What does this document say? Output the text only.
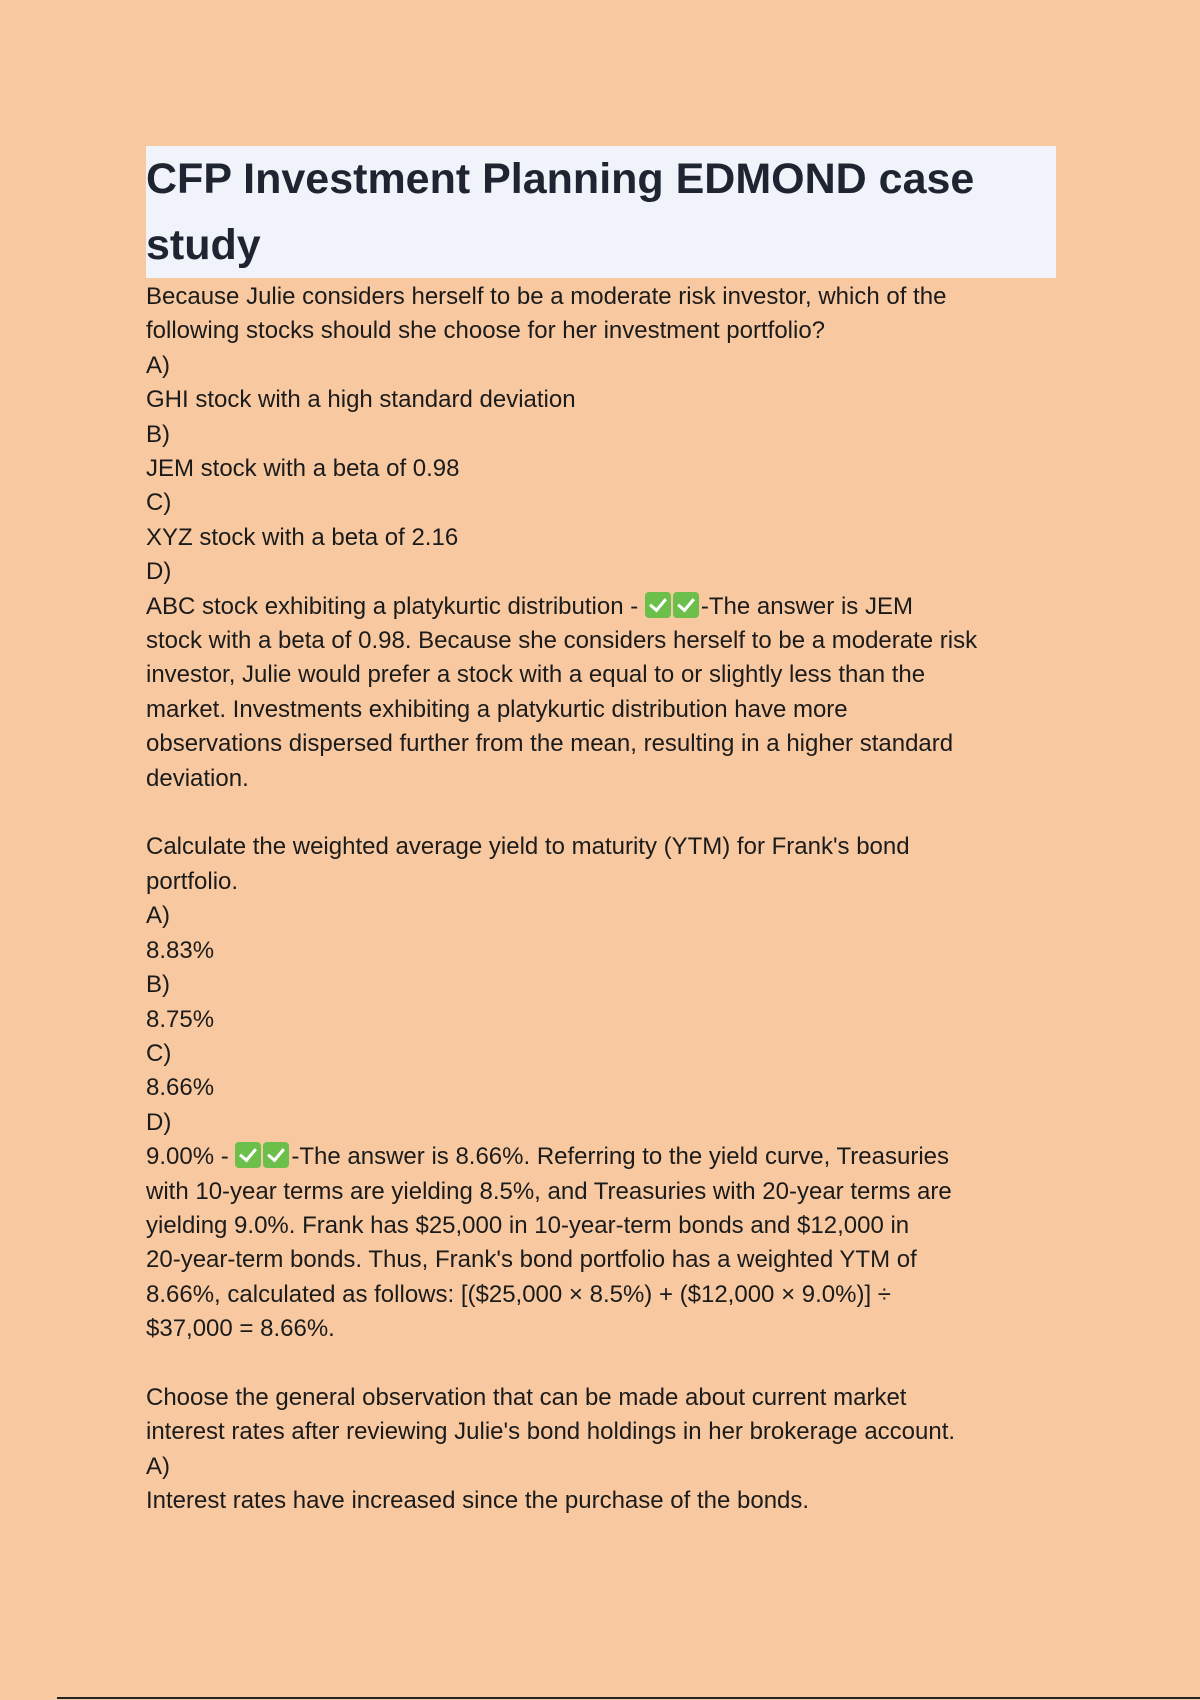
CFP Investment Planning EDMOND case study
Because Julie considers herself to be a moderate risk investor, which of the
following stocks should she choose for her investment portfolio?
A)
GHI stock with a high standard deviation
B)
JEM stock with a beta of 0.98
C)
XYZ stock with a beta of 2.16
D)
ABC stock exhibiting a platykurtic distribution - -The answer is JEM
stock with a beta of 0.98. Because she considers herself to be a moderate risk
investor, Julie would prefer a stock with a equal to or slightly less than the
market. Investments exhibiting a platykurtic distribution have more
observations dispersed further from the mean, resulting in a higher standard
deviation.
Calculate the weighted average yield to maturity (YTM) for Frank's bond
portfolio.
A)
8.83%
B)
8.75%
C)
8.66%
D)
9.00% - -The answer is 8.66%. Referring to the yield curve, Treasuries
with 10-year terms are yielding 8.5%, and Treasuries with 20-year terms are
yielding 9.0%. Frank has $25,000 in 10-year-term bonds and $12,000 in
20-year-term bonds. Thus, Frank's bond portfolio has a weighted YTM of
8.66%, calculated as follows: [($25,000 × 8.5%) + ($12,000 × 9.0%)] ÷
$37,000 = 8.66%.
Choose the general observation that can be made about current market
interest rates after reviewing Julie's bond holdings in her brokerage account.
A)
Interest rates have increased since the purchase of the bonds.
